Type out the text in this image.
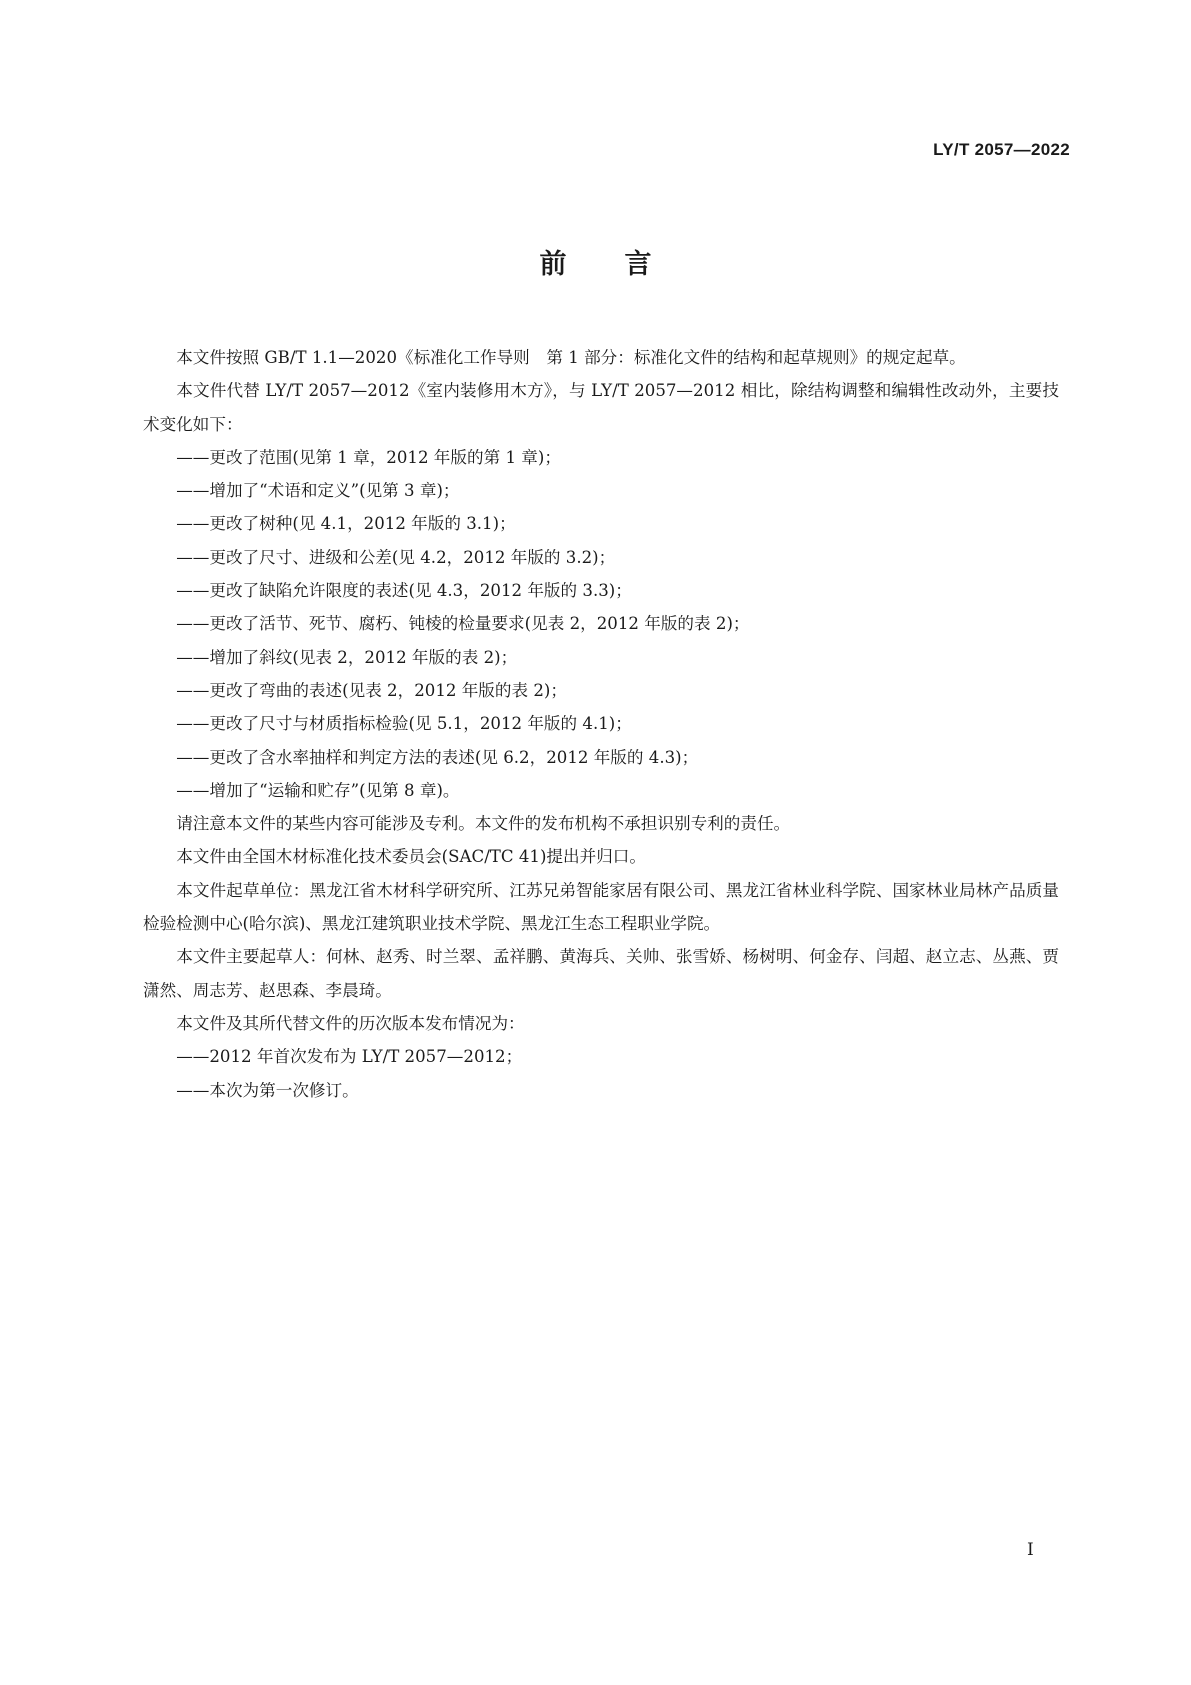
LY/T 2057—2022
前言

本文件按照 GB/T 1.1—2020《标准化工作导则　第 1 部分：标准化文件的结构和起草规则》的规定起草。

本文件代替 LY/T 2057—2012《室内装修用木方》，与 LY/T 2057—2012 相比，除结构调整和编辑性改动外，主要技术变化如下：

——更改了范围(见第 1 章，2012 年版的第 1 章)；

——增加了“术语和定义”(见第 3 章)；

——更改了树种(见 4.1，2012 年版的 3.1)；

——更改了尺寸、进级和公差(见 4.2，2012 年版的 3.2)；

——更改了缺陷允许限度的表述(见 4.3，2012 年版的 3.3)；

——更改了活节、死节、腐朽、钝棱的检量要求(见表 2，2012 年版的表 2)；

——增加了斜纹(见表 2，2012 年版的表 2)；

——更改了弯曲的表述(见表 2，2012 年版的表 2)；

——更改了尺寸与材质指标检验(见 5.1，2012 年版的 4.1)；

——更改了含水率抽样和判定方法的表述(见 6.2，2012 年版的 4.3)；

——增加了“运输和贮存”(见第 8 章)。

请注意本文件的某些内容可能涉及专利。本文件的发布机构不承担识别专利的责任。

本文件由全国木材标准化技术委员会(SAC/TC 41)提出并归口。

本文件起草单位：黑龙江省木材科学研究所、江苏兄弟智能家居有限公司、黑龙江省林业科学院、国家林业局林产品质量检验检测中心(哈尔滨)、黑龙江建筑职业技术学院、黑龙江生态工程职业学院。

本文件主要起草人：何林、赵秀、时兰翠、孟祥鹏、黄海兵、关帅、张雪娇、杨树明、何金存、闫超、赵立志、丛燕、贾潇然、周志芳、赵思森、李晨琦。

本文件及其所代替文件的历次版本发布情况为：

——2012 年首次发布为 LY/T 2057—2012；

——本次为第一次修订。

I
